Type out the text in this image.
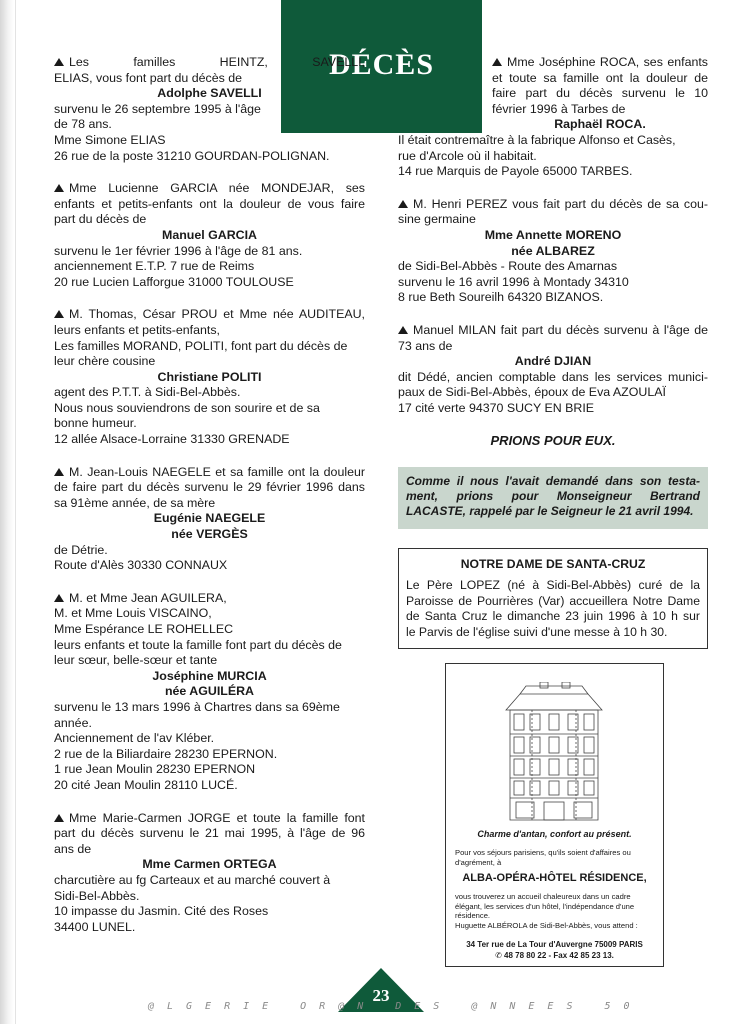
DÉCÈS
Les familles HEINTZ, SAVELLI,
ELIAS, vous font part du décès de
Adolphe SAVELLI
survenu le 26 septembre 1995 à l'âge
de 78 ans.
Mme Simone ELIAS
26 rue de la poste 31210 GOURDAN-POLIGNAN.
Mme Lucienne GARCIA née MONDEJAR, ses
enfants et petits-enfants ont la douleur de vous faire
part du décès de
Manuel GARCIA
survenu le 1er février 1996 à l'âge de 81 ans.
anciennement E.T.P. 7 rue de Reims
20 rue Lucien Lafforgue 31000 TOULOUSE
M. Thomas, César PROU et Mme née AUDITEAU,
leurs enfants et petits-enfants,
Les familles MORAND, POLITI, font part du décès de
leur chère cousine
Christiane POLITI
agent des P.T.T. à Sidi-Bel-Abbès.
Nous nous souviendrons de son sourire et de sa
bonne humeur.
12 allée Alsace-Lorraine 31330 GRENADE
M. Jean-Louis NAEGELE et sa famille ont la douleur
de faire part du décès survenu le 29 février 1996 dans
sa 91ème année, de sa mère
Eugénie NAEGELE
née VERGÈS
de Détrie.
Route d'Alès 30330 CONNAUX
M. et Mme Jean AGUILERA,
M. et Mme Louis VISCAINO,
Mme Espérance LE ROHELLEC
leurs enfants et toute la famille font part du décès de
leur sœur, belle-sœur et tante
Joséphine MURCIA
née AGUILÉRA
survenu le 13 mars 1996 à Chartres dans sa 69ème
année.
Anciennement de l'av Kléber.
2 rue de la Biliardaire 28230 EPERNON.
1 rue Jean Moulin 28230 EPERNON
20 cité Jean Moulin 28110 LUCÉ.
Mme Marie-Carmen JORGE et toute la famille font
part du décès survenu le 21 mai 1995, à l'âge de 96
ans de
Mme Carmen ORTEGA
charcutière au fg Carteaux et au marché couvert à
Sidi-Bel-Abbès.
10 impasse du Jasmin. Cité des Roses
34400 LUNEL.
Mme Joséphine ROCA, ses enfants
et toute sa famille ont la douleur de
faire part du décès survenu le 10
février 1996 à Tarbes de
Raphaël ROCA.
Il était contremaître à la fabrique Alfonso et Casès,
rue d'Arcole où il habitait.
14 rue Marquis de Payole 65000 TARBES.
M. Henri PEREZ vous fait part du décès de sa cou-
sine germaine
Mme Annette MORENO
née ALBAREZ
de Sidi-Bel-Abbès - Route des Amarnas
survenu le 16 avril 1996 à Montady 34310
8 rue Beth Soureilh 64320 BIZANOS.
Manuel MILAN fait part du décès survenu à l'âge de
73 ans de
André DJIAN
dit Dédé, ancien comptable dans les services munici-
paux de Sidi-Bel-Abbès, époux de Eva AZOULAÏ
17 cité verte 94370 SUCY EN BRIE
PRIONS POUR EUX.
Comme il nous l'avait demandé dans son testa-
ment, prions pour Monseigneur Bertrand
LACASTE, rappelé par le Seigneur le 21 avril 1994.
NOTRE DAME DE SANTA-CRUZ
Le Père LOPEZ (né à Sidi-Bel-Abbès) curé de la
Paroisse de Pourrières (Var) accueillera Notre Dame
de Santa Cruz le dimanche 23 juin 1996 à 10 h sur
le Parvis de l'église suivi d'une messe à 10 h 30.
Charme d'antan, confort au présent.
Pour vos séjours parisiens, qu'ils soient d'affaires ou
d'agrément, à
ALBA-OPÉRA-HÔTEL RÉSIDENCE,
vous trouverez un accueil chaleureux dans un cadre
élégant, les services d'un hôtel, l'indépendance d'une
résidence.
Huguette ALBÉROLA de Sidi-Bel-Abbès, vous attend :
34 Ter rue de La Tour d'Auvergne 75009 PARIS
✆ 48 78 80 22 - Fax 42 85 23 13.
23
@LGERIE OR@N DES @NNEES 50
